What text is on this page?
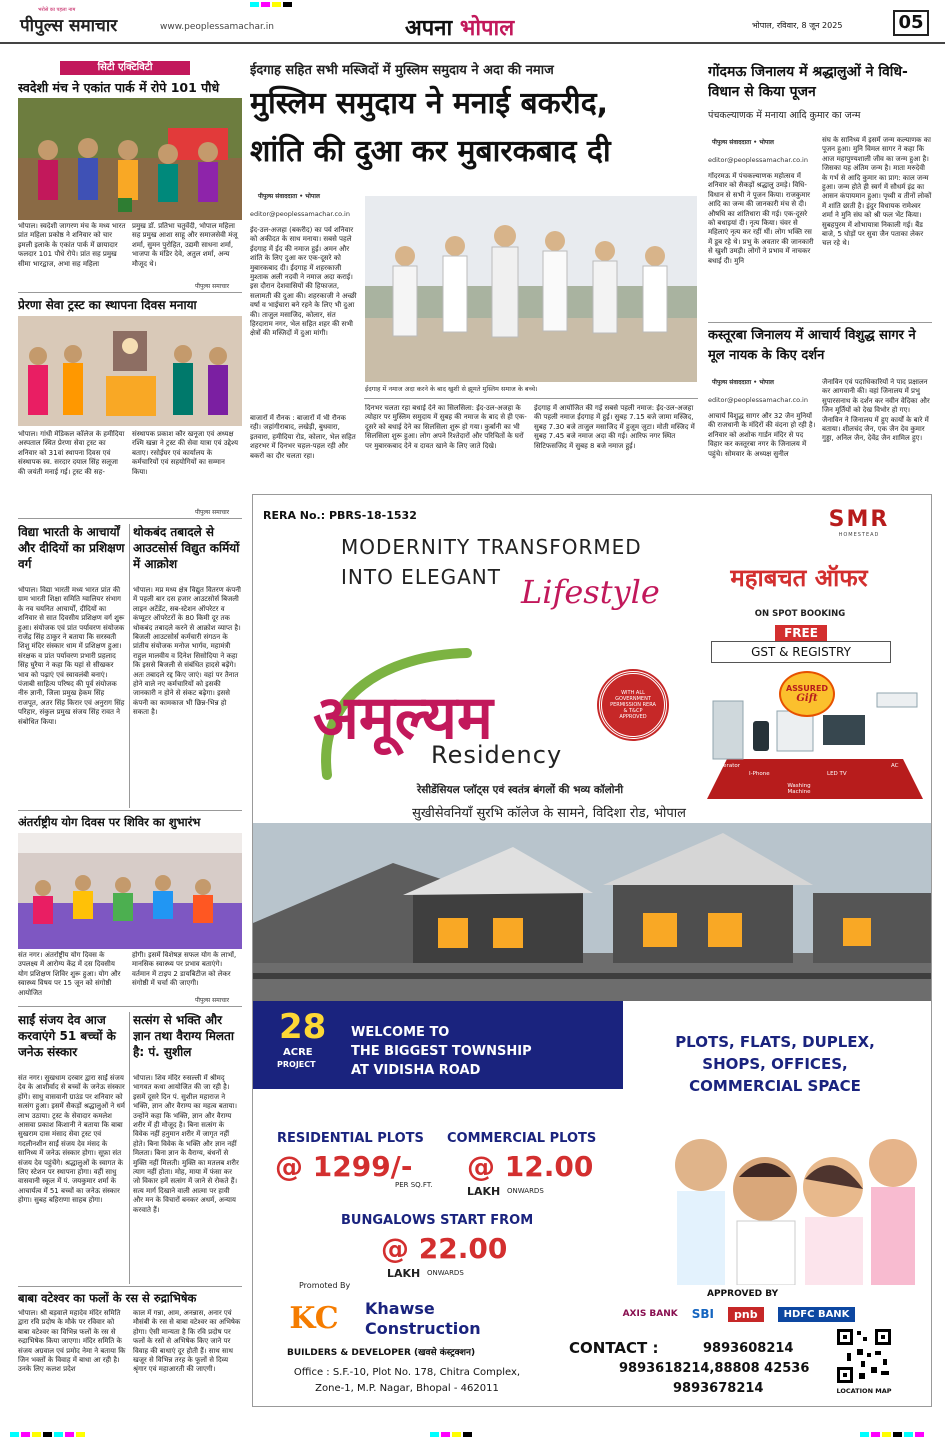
भरोसे का पहला नाम
पीपुल्स समाचार	www.peoplessamachar.in	अपना भोपाल	भोपाल, रविवार, 8 जून 2025	05
सिटी एक्टिविटी
स्वदेशी मंच ने एकांत पार्क में रोपे 101 पौधे
भोपाल। स्वदेशी जागरण मंच के मध्य भारत प्रांत महिला प्रकोष्ठ ने शनिवार को चार इमली इलाके के एकांत पार्क में छायादार फलदार 101 पौधे रोपे। प्रांत सह प्रमुख सीमा भारद्वाज, अभा सह महिला
प्रमुख डॉ. प्रतिभा चतुर्वेदी, भोपाल महिला सह प्रमुख आशा साहू और समाजसेवी मंजू शर्मा, सुमन पुरोहित, उद्यमी साधना शर्मा, भाजपा के मंडिर देवे, अतुल शर्मा, अन्य मौजूद थे।
पीपुल्स समाचार
प्रेरणा सेवा ट्रस्ट का स्थापना दिवस मनाया
भोपाल। गांधी मेडिकल कॉलेज के हमीदिया अस्पताल स्थित प्रेरणा सेवा ट्रस्ट का शनिवार को 31वां स्थापना दिवस एवं संस्थापक स्व. सरदार दयाल सिंह सलूजा की जयंती मनाई गई। ट्रस्ट की सह-
संस्थापक प्रकाश कौर खनूजा एवं अध्यक्ष रश्मि खन्ना ने ट्रस्ट की सेवा यात्रा एवं उद्देश्य बताए। रसोईघर एवं कार्यालय के कर्मचारियों एवं सहयोगियों का सम्मान किया।
पीपुल्स समाचार
विद्या भारती के आचार्यों और दीदियों का प्रशिक्षण वर्ग
भोपाल। विद्या भारती मध्य भारत प्रांत की ग्राम भारती शिक्षा समिति ग्वालियर संभाग के नव चयनित आचार्यों, दीदियों का शनिवार से सात दिवसीय प्रशिक्षण वर्ग शुरू हुआ। संयोजक एवं प्रांत पर्यावरण संयोजक राजेंद्र सिंह ठाकुर ने बताया कि सरस्वती शिशु मंदिर संस्कार धाम में प्रशिक्षण हुआ। संरक्षक व प्रांत पर्यावरण प्रभारी प्रहलाद सिंह घुरैया ने कहा कि यहां से सीखकर भाव को पढ़ाएं एवं स्वावलंबी बनाएं। पंजाबी साहित्य परिषद की पूर्व संयोजक नीरु ज्ञानी, जिला प्रमुख हेकम सिंह राजपूत, अतर सिंह किरार एवं अनुराग सिंह परिहार, संकुल प्रमुख संजय सिंह रावत ने संबोधित किया।
थोकबंद तबादले से आउटसोर्स विद्युत कर्मियों में आक्रोश
भोपाल। मप्र मध्य क्षेत्र विद्युत वितरण कंपनी में पहली बार दस हजार आउटसोर्स बिजली लाइन अटेंडेंट, सब-स्टेशन ऑपरेटर व कंप्यूटर ऑपरेटरों के 80 किमी दूर तक थोकबंद तबादले करने से आक्रोश व्याप्त है। बिजली आउटसोर्स कर्मचारी संगठन के प्रांतीय संयोजक मनोज भार्गव, महामंत्री राहुल मालवीय व दिनेश सिसोदिया ने कहा कि इससे बिजली से संबंधित हादसे बढ़ेंगे। अतः तबादले रद्द किए जाएं। वहां पर तैनात होने वाले नए कर्मचारियों को इसकी जानकारी न होने से संकट बढ़ेगा। इससे कंपनी का कामकाज भी छिन्न-भिन्न हो सकता है।
अंतर्राष्ट्रीय योग दिवस पर शिविर का शुभारंभ
संत नगर। अंतर्राष्ट्रीय योग दिवस के उपलक्ष्य में आरोग्य केंद्र में दस दिवसीय योग प्रशिक्षण शिविर शुरू हुआ। योग और स्वास्थ्य विषय पर 15 जून को संगोष्ठी आयोजित
होगी। इसमें विशेषज्ञ सफल योग के लाभों, मानसिक स्वास्थ्य पर प्रभाव बताएंगे। वर्तमान में टाइप 2 डायबिटीज को लेकर संगोष्ठी में चर्चा की जाएगी।
पीपुल्स समाचार
साईं संजय देव आज करवाएंगे 51 बच्चों के जनेऊ संस्कार
संत नगर। सुखधाम दरबार द्वारा साईं संजय देव के आशीर्वाद से बच्चों के जनेऊ संस्कार होंगे। साधु वासवानी ग्राउंड पर शनिवार को सत्संग हुआ। इसमें सैकड़ों श्रद्धालुओं ने धर्म लाभ उठाया। ट्रस्ट के सेवादार कमलेश आसवा प्रकाश किशानी ने बताया कि बाबा सुखराम दास मंसाद सेवा ट्रस्ट एवं गदलीनशीन साईं संजय देव मंसद के सानिध्य में जनेऊ संस्कार होगा। सूफ़ा संत संजय देव पहुंचेंगे। श्रद्धालुओं के स्वागत के लिए स्टेशन पर स्थापना होगा। वहीं साधु वासवानी स्कूल में पं. जयकुमार शर्मा के आचार्यत्व में 51 बच्चों का जनेऊ संस्कार होगा। सुबह बहिराणा साहब होगा।
सत्संग से भक्ति और ज्ञान तथा वैराग्य मिलता है: पं. सुशील
भोपाल। शिव मंदिर रुसल्ली में श्रीमद् भागवत कथा आयोजित की जा रही है। इसमें दूसरे दिन पं. सुशील महाराज ने भक्ति, ज्ञान और वैराग्य का महत्व बताया। उन्होंने कहा कि भक्ति, ज्ञान और वैराग्य शरीर में ही मौजूद है। बिना सत्संग के विवेक नहीं हनुमान शरीर में जागृत नहीं होते। बिना विवेक के भक्ति और ज्ञान नहीं मिलता। बिना ज्ञान के वैराग्य, बंधनों से मुक्ति नहीं मिलती। मुक्ति का मतलब शरीर त्याग नहीं होता। मोह, माया में फंसा कर जो विकार हमें सत्संग में जाने से रोकते हैं। सत्य मार्ग दिखाने वाली आत्मा पर हावी और मन के विचारों बनकर अधर्म, अन्याय करवाते हैं।
बाबा वटेश्वर का फलों के रस से रुद्राभिषेक
भोपाल। श्री बड़वाले महादेव मंदिर समिति द्वारा रवि प्रदोष के मौके पर रविवार को बाबा वटेश्वर का विभिन्न फलों के रस से रुद्राभिषेक किया जाएगा। मंदिर समिति के संजय अग्रवाल एवं प्रमोद नेमा ने बताया कि जिन भक्तों के विवाह में बाधा आ रही है। उनके लिए कलश प्रदेश
काल में गन्ना, आम, अनन्नास, अनार एवं मौसंबी के रस से बाबा वटेश्वर का अभिषेक होगा। ऐसी मान्यता है कि रवि प्रदोष पर फलों के रसों से अभिषेक किए जाने पर विवाह की बाधाएं दूर होती हैं। साथ साथ खजूर से विभिन्न तरह के फूलों से दिव्य श्रृंगार एवं महाआरती की जाएगी।
ईदगाह सहित सभी मस्जिदों में मुस्लिम समुदाय ने अदा की नमाज
मुस्लिम समुदाय ने मनाई बकरीद,
शांति की दुआ कर मुबारकबाद दी
पीपुल्स संवाददाता • भोपाल
editor@peoplessamachar.co.in
ईद-उल-अजहा (बकरीद) का पर्व शनिवार को अकीदत के साथ मनाया। सबसे पहले ईदगाह में ईद की नमाज हुई। अमन और शांति के लिए दुआ कर एक-दूसरे को मुबारकबाद दी। ईदगाह में शहरकाजी मुश्ताक अली नदवी ने नमाज अदा कराई। इस दौरान देशवासियों की हिफाजत, सलामती की दुआ की। शहरकाजी ने अच्छी वर्षा व भाईचारा बने रहने के लिए भी दुआ की। ताजुल मसाजिद, कोलार, संत हिरदाराम नगर, भेल सहित शहर की सभी क्षेत्रों की मस्जिदों में दुआ मांगी।
बाजारों में रौनक : बाजारों में भी रौनक रही। जहांगीराबाद, लखेड़ी, बुधवारा, इतवारा, हमीदिया रोड, कोलार, भेल सहित शहरभर में दिनभर चहल-पहल रही और बकरों का दौर चलता रहा।
ईदगाह में नमाज अदा करने के बाद खुशी से झूमते मुस्लिम समाज के बच्चे।
दिनभर चलता रहा बधाई देने का सिलसिला: ईद-उल-अजहा के त्योहार पर मुस्लिम समुदाय में सुबह की नमाज के बाद से ही एक-दूसरे को बधाई देने का सिलसिला शुरू हो गया। कुर्बानी का भी सिलसिला शुरू हुआ। लोग अपने रिश्तेदारों और परिचितों के घरों पर मुबारकबाद देने व दावत खाने के लिए जाते दिखे।
ईदगाह में आयोजित की गई सबसे पहली नमाज: ईद-उल-अजहा की पहली नमाज ईदगाह में हुई। सुबह 7.15 बजे जामा मस्जिद, सुबह 7.30 बजे ताजुल मसाजिद में हुजूम जुटा। मोती मस्जिद में सुबह 7.45 बजे नमाज अदा की गई। आरिफ नगर स्थित सिटिफसजिद में सुबह 8 बजे नमाज हुई।
गोंदमऊ जिनालय में श्रद्धालुओं ने विधि-विधान से किया पूजन
पंचकल्याणक में मनाया आदि कुमार का जन्म
पीपुल्स संवाददाता • भोपाल
editor@peoplessamachar.co.in
गोंदरमऊ में पंचकल्याणक महोत्सव में शनिवार को सैकड़ों श्रद्धालु उमड़े। विधि-विधान से सभी ने पूजन किया। राजकुमार आदि का जन्म की जानकारी मंच से दी। औषधि का शांतिधारा की गई। एक-दूसरे को बधाइयां दी। नृत्य किया। चंवर से महिलाएं नृत्य कर रहीं थीं। लोग भक्ति रस में डूब रहे थे। प्रभु के अवतार की जानकारी से खुशी उमड़ी। लोगों ने प्रभाव में नाचकर बधाई दी। मुनि
संघ के सानिध्य में इसमें जन्म कल्याणक का पूजन हुआ। मुनि विमल सागर ने कहा कि आज महापुण्यशाली जीव का जन्म हुआ है। जिसका यह अंतिम जन्म है। माता मरुदेवी के गर्भ से आदि कुमार का प्राग: काल जन्म हुआ। जन्म होते ही स्वर्ग में सौधर्म इंद्र का आसन कंपायमान हुआ। पृथ्वी व तीनों लोकों में शांति छाती है। इंदुर विधायक रामेश्वर शर्मा ने मुनि संघ को श्री फल भेंट किया। सुबहपुरम में शोभायात्रा निकाली गई। बैंड बाजे, 5 घोड़ों पर सुवा जैन पताका लेकर चल रहे थे।
कस्तूरबा जिनालय में आचार्य विशुद्ध सागर ने मूल नायक के किए दर्शन
पीपुल्स संवाददाता • भोपाल
editor@peoplessamachar.co.in
आचार्य विशुद्ध सागर और 32 जैन मुनियों की राजधानी के मंदिरों की वंदना हो रही है। शनिवार को अशोक गार्डन मंदिर से पद विहार कर कस्तूरबा नगर के जिनालय में पहुंचे। सोमवार के अध्यक्ष सुनील
जैनाविन एवं पदाधिकारियों ने पाद प्रक्षालन कर आगवानी की। वहां जिनालय में प्रभु सुपारसनाथ के दर्शन कर नवीन वेदिका और जिन मूर्तियों को देख विभोर हो गए। जैनाविन ने जिनालय में हुए कार्यों के बारे में बताया। शीलचंद जैन, एक जैन देव कुमार गुड्डा, अनिल जैन, देवेंद्र जैन शामिल हुए।
RERA No.: PBRS-18-1532	SMR
HOMESTEAD
MODERNITY TRANSFORMED
INTO ELEGANT Lifestyle	महाबचत ऑफर
ON SPOT BOOKING
FREE
GST & REGISTRY
ASSURED
Gift
Refrigerator
I-Phone	LED TV
AC
Washing Machine
WITH ALL GOVERNMENT PERMISSION RERA & T&CP APPROVED
अमूल्यम
Residency
रेसीडेंसियल प्लॉट्स एवं स्वतंत्र बंगलों की भव्य कॉलोनी
सुखीसेवनियाँ सुरभि कॉलेज के सामने, विदिशा रोड, भोपाल
28
ACRE
PROJECT
WELCOME TO
THE BIGGEST TOWNSHIP
AT VIDISHA ROAD
PLOTS, FLATS, DUPLEX,
SHOPS, OFFICES,
COMMERCIAL SPACE
RESIDENTIAL PLOTS
@ 1299/-
PER SQ.FT.
COMMERCIAL PLOTS
@ 12.00
LAKH ONWARDS
BUNGALOWS START FROM
@ 22.00
LAKH ONWARDS
Promoted By
KC Khawse
Construction
BUILDERS & DEVELOPER (खवसे कंस्ट्रक्शन)
Office : S.F.-10, Plot No. 178, Chitra Complex,
Zone-1, M.P. Nagar, Bhopal - 462011
APPROVED BY
AXIS BANK SBI	pnb	HDFC BANK
CONTACT :	9893608214
9893618214,88808 42536
9893678214	LOCATION MAP
